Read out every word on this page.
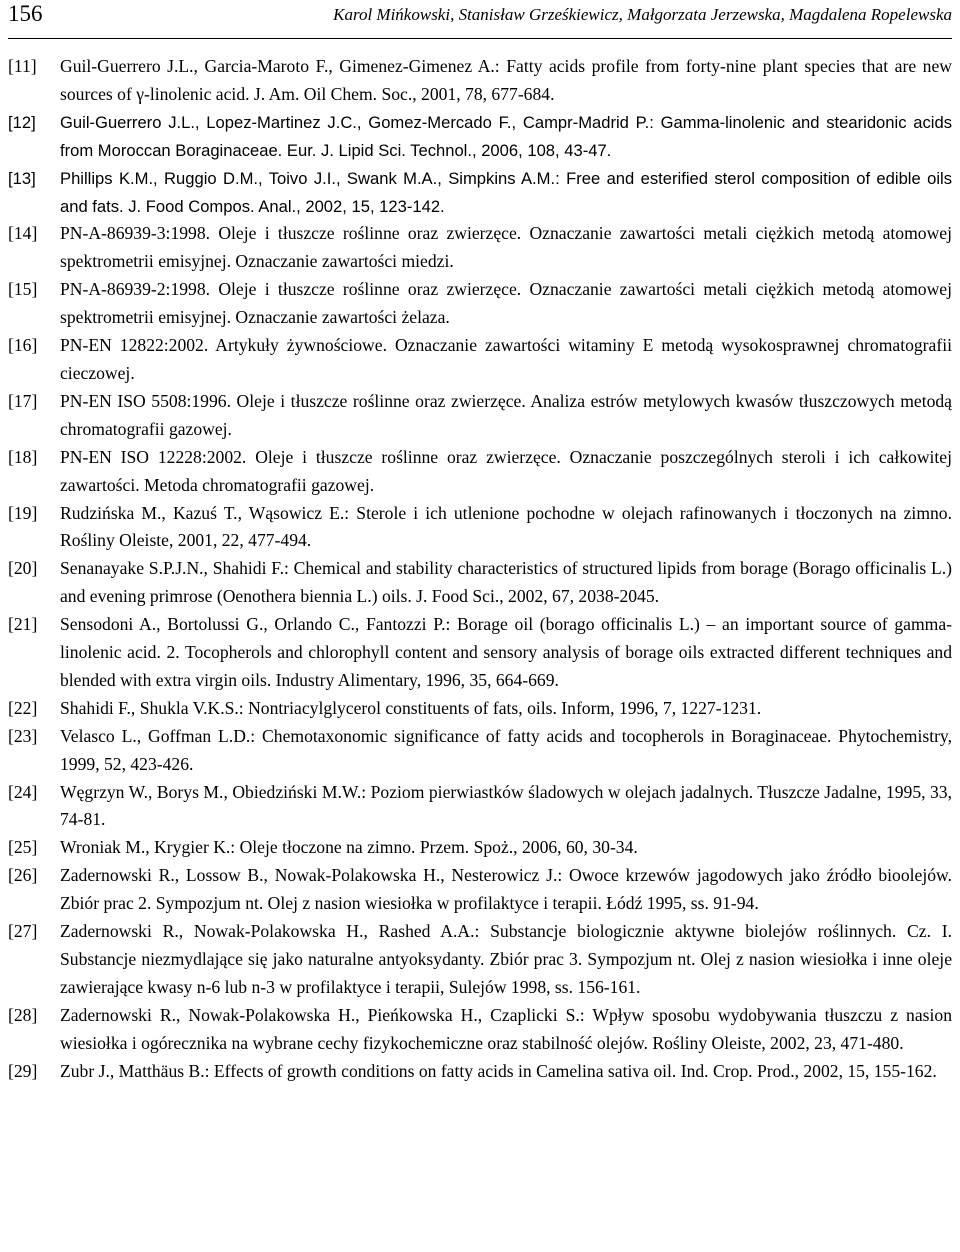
156	Karol Mińkowski, Stanisław Grześkiewicz, Małgorzata Jerzewska, Magdalena Ropelewska
[11] Guil-Guerrero J.L., Garcia-Maroto F., Gimenez-Gimenez A.: Fatty acids profile from forty-nine plant species that are new sources of γ-linolenic acid. J. Am. Oil Chem. Soc., 2001, 78, 677-684.
[12] Guil-Guerrero J.L., Lopez-Martinez J.C., Gomez-Mercado F., Campr-Madrid P.: Gamma-linolenic and stearidonic acids from Moroccan Boraginaceae. Eur. J. Lipid Sci. Technol., 2006, 108, 43-47.
[13] Phillips K.M., Ruggio D.M., Toivo J.I., Swank M.A., Simpkins A.M.: Free and esterified sterol composition of edible oils and fats. J. Food Compos. Anal., 2002, 15, 123-142.
[14] PN-A-86939-3:1998. Oleje i tłuszcze roślinne oraz zwierzęce. Oznaczanie zawartości metali ciężkich metodą atomowej spektrometrii emisyjnej. Oznaczanie zawartości miedzi.
[15] PN-A-86939-2:1998. Oleje i tłuszcze roślinne oraz zwierzęce. Oznaczanie zawartości metali ciężkich metodą atomowej spektrometrii emisyjnej. Oznaczanie zawartości żelaza.
[16] PN-EN 12822:2002. Artykuły żywnościowe. Oznaczanie zawartości witaminy E metodą wysokosprawnej chromatografii cieczowej.
[17] PN-EN ISO 5508:1996. Oleje i tłuszcze roślinne oraz zwierzęce. Analiza estrów metylowych kwasów tłuszczowych metodą chromatografii gazowej.
[18] PN-EN ISO 12228:2002. Oleje i tłuszcze roślinne oraz zwierzęce. Oznaczanie poszczególnych steroli i ich całkowitej zawartości. Metoda chromatografii gazowej.
[19] Rudzińska M., Kazuś T., Wąsowicz E.: Sterole i ich utlenione pochodne w olejach rafinowanych i tłoczonych na zimno. Rośliny Oleiste, 2001, 22, 477-494.
[20] Senanayake S.P.J.N., Shahidi F.: Chemical and stability characteristics of structured lipids from borage (Borago officinalis L.) and evening primrose (Oenothera biennia L.) oils. J. Food Sci., 2002, 67, 2038-2045.
[21] Sensodoni A., Bortolussi G., Orlando C., Fantozzi P.: Borage oil (borago officinalis L.) – an important source of gamma-linolenic acid. 2. Tocopherols and chlorophyll content and sensory analysis of borage oils extracted different techniques and blended with extra virgin oils. Industry Alimentary, 1996, 35, 664-669.
[22] Shahidi F., Shukla V.K.S.: Nontriacylglycerol constituents of fats, oils. Inform, 1996, 7, 1227-1231.
[23] Velasco L., Goffman L.D.: Chemotaxonomic significance of fatty acids and tocopherols in Boraginaceae. Phytochemistry, 1999, 52, 423-426.
[24] Węgrzyn W., Borys M., Obiedziński M.W.: Poziom pierwiastków śladowych w olejach jadalnych. Tłuszcze Jadalne, 1995, 33, 74-81.
[25] Wroniak M., Krygier K.: Oleje tłoczone na zimno. Przem. Spoż., 2006, 60, 30-34.
[26] Zadernowski R., Lossow B., Nowak-Polakowska H., Nesterowicz J.: Owoce krzewów jagodowych jako źródło bioolejów. Zbiór prac 2. Sympozjum nt. Olej z nasion wiesiołka w profilaktyce i terapii. Łódź 1995, ss. 91-94.
[27] Zadernowski R., Nowak-Polakowska H., Rashed A.A.: Substancje biologicznie aktywne biolejów roślinnych. Cz. I. Substancje niezmydlające się jako naturalne antyoksydanty. Zbiór prac 3. Sympozjum nt. Olej z nasion wiesiołka i inne oleje zawierające kwasy n-6 lub n-3 w profilaktyce i terapii, Sulejów 1998, ss. 156-161.
[28] Zadernowski R., Nowak-Polakowska H., Pieńkowska H., Czaplicki S.: Wpływ sposobu wydobywania tłuszczu z nasion wiesiołka i ogórecznika na wybrane cechy fizykochemiczne oraz stabilność olejów. Rośliny Oleiste, 2002, 23, 471-480.
[29] Zubr J., Matthäus B.: Effects of growth conditions on fatty acids in Camelina sativa oil. Ind. Crop. Prod., 2002, 15, 155-162.
